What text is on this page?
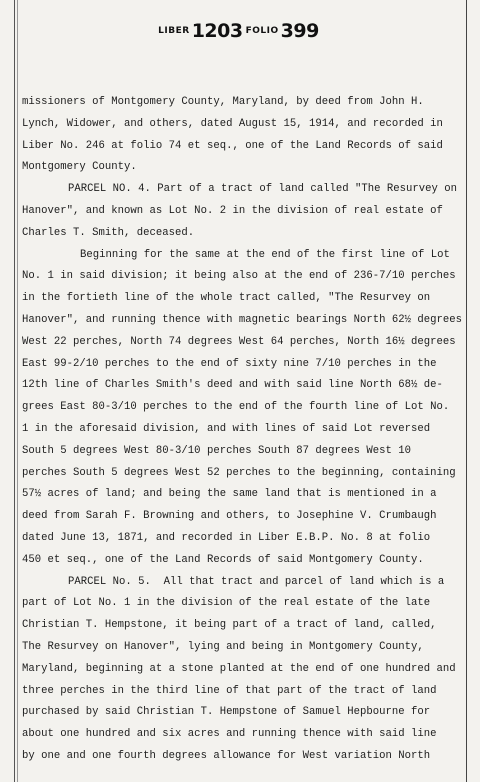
LIBER 1203 FOLIO 399
missioners of Montgomery County, Maryland, by deed from John H.
Lynch, Widower, and others, dated August 15, 1914, and recorded in
Liber No. 246 at folio 74 et seq., one of the Land Records of said
Montgomery County.
PARCEL NO. 4. Part of a tract of land called "The Resurvey on
Hanover", and known as Lot No. 2 in the division of real estate of
Charles T. Smith, deceased.
Beginning for the same at the end of the first line of Lot
No. 1 in said division; it being also at the end of 236-7/10 perches
in the fortieth line of the whole tract called, "The Resurvey on
Hanover", and running thence with magnetic bearings North 62½ degrees
West 22 perches, North 74 degrees West 64 perches, North 16½ degrees
East 99-2/10 perches to the end of sixty nine 7/10 perches in the
12th line of Charles Smith's deed and with said line North 68½ de-
grees East 80-3/10 perches to the end of the fourth line of Lot No.
1 in the aforesaid division, and with lines of said Lot reversed
South 5 degrees West 80-3/10 perches South 87 degrees West 10
perches South 5 degrees West 52 perches to the beginning, containing
57½ acres of land; and being the same land that is mentioned in a
deed from Sarah F. Browning and others, to Josephine V. Crumbaugh
dated June 13, 1871, and recorded in Liber E.B.P. No. 8 at folio
450 et seq., one of the Land Records of said Montgomery County.
PARCEL No. 5.  All that tract and parcel of land which is a
part of Lot No. 1 in the division of the real estate of the late
Christian T. Hempstone, it being part of a tract of land, called,
The Resurvey on Hanover", lying and being in Montgomery County,
Maryland, beginning at a stone planted at the end of one hundred and
three perches in the third line of that part of the tract of land
purchased by said Christian T. Hempstone of Samuel Hepbourne for
about one hundred and six acres and running thence with said line
by one and one fourth degrees allowance for West variation North
